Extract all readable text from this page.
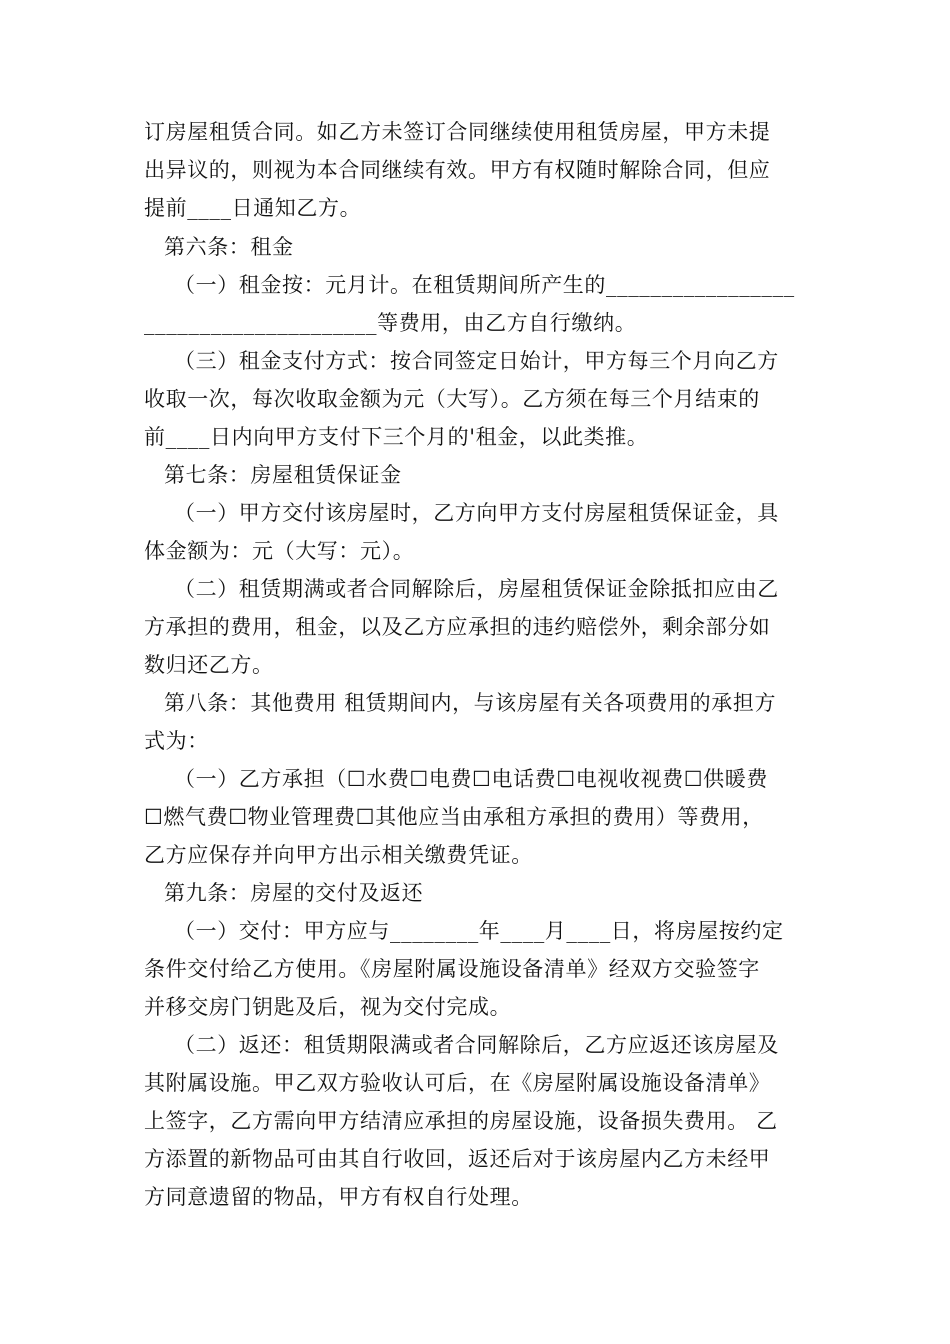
订房屋租赁合同。如乙方未签订合同继续使用租赁房屋，甲方未提
出异议的，则视为本合同继续有效。甲方有权随时解除合同，但应
提前____日通知乙方。
第六条：租金
（一）租金按：元月计。在租赁期间所产生的_________________
_____________________等费用，由乙方自行缴纳。
（三）租金支付方式：按合同签定日始计，甲方每三个月向乙方
收取一次，每次收取金额为元（大写）。乙方须在每三个月结束的
前____日内向甲方支付下三个月的'租金，以此类推。
第七条：房屋租赁保证金
（一）甲方交付该房屋时，乙方向甲方支付房屋租赁保证金，具
体金额为：元（大写：元）。
（二）租赁期满或者合同解除后，房屋租赁保证金除抵扣应由乙
方承担的费用，租金，以及乙方应承担的违约赔偿外，剩余部分如
数归还乙方。
第八条：其他费用 租赁期间内，与该房屋有关各项费用的承担方
式为：
（一）乙方承担（☐水费☐电费☐电话费☐电视收视费☐供暖费
☐燃气费☐物业管理费☐其他应当由承租方承担的费用）等费用，
乙方应保存并向甲方出示相关缴费凭证。
第九条：房屋的交付及返还
（一）交付：甲方应与________年____月____日，将房屋按约定
条件交付给乙方使用。《房屋附属设施设备清单》经双方交验签字
并移交房门钥匙及后，视为交付完成。
（二）返还：租赁期限满或者合同解除后，乙方应返还该房屋及
其附属设施。甲乙双方验收认可后，在《房屋附属设施设备清单》
上签字，乙方需向甲方结清应承担的房屋设施，设备损失费用。 乙
方添置的新物品可由其自行收回，返还后对于该房屋内乙方未经甲
方同意遗留的物品，甲方有权自行处理。
